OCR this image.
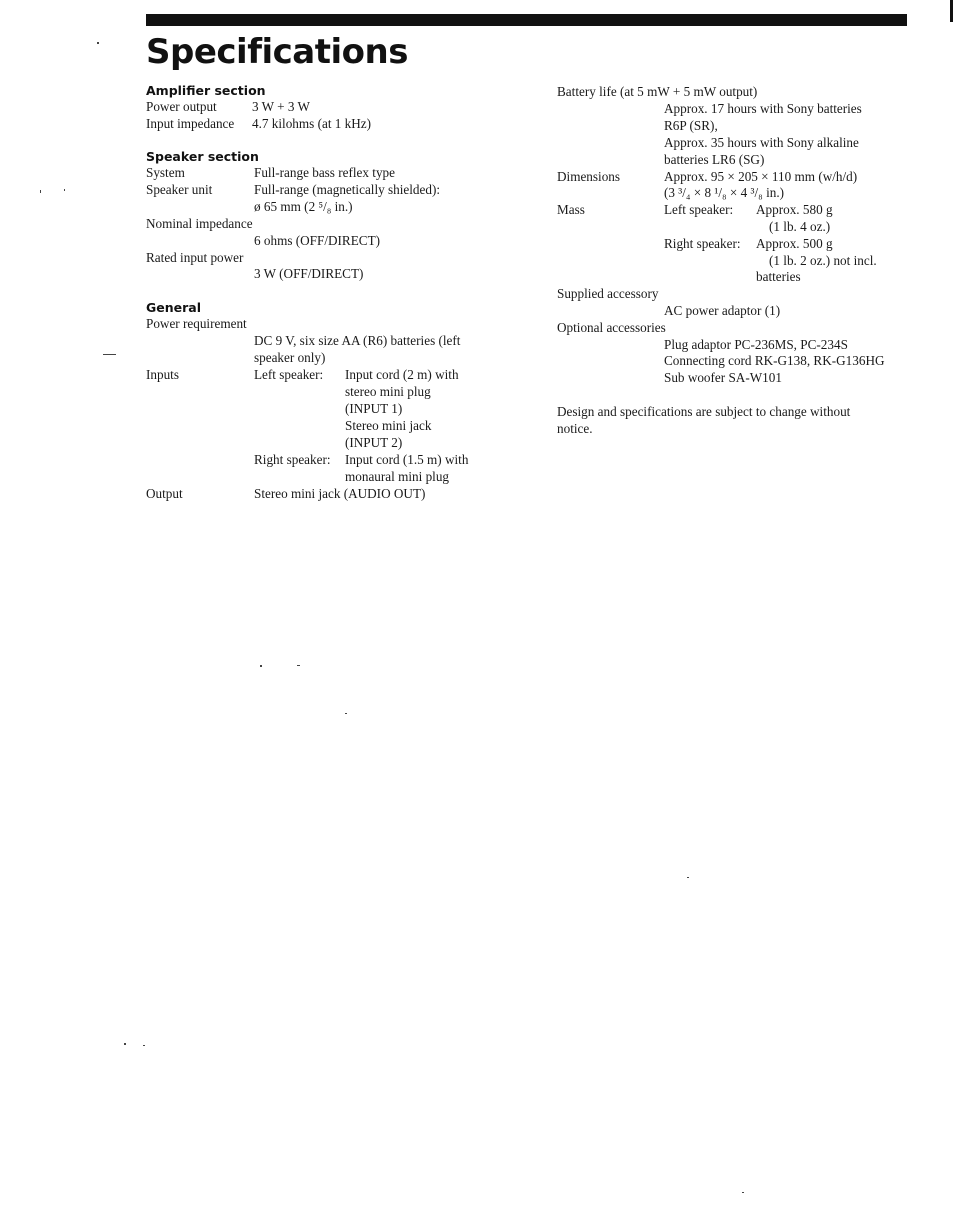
Specifications
Amplifier section
Power output	3 W + 3 W
Input impedance 4.7 kilohms (at 1 kHz)
Speaker section
System	Full-range bass reflex type
Speaker unit	Full-range (magnetically shielded):
ø 65 mm (2 ⁵/₈ in.)
Nominal impedance
6 ohms (OFF/DIRECT)
Rated input power
3 W (OFF/DIRECT)
General
Power requirement
DC 9 V, six size AA (R6) batteries (left
speaker only)
Inputs	Left speaker: Input cord (2 m) with
stereo mini plug
(INPUT 1)
Stereo mini jack
(INPUT 2)
Right speaker: Input cord (1.5 m) with
monaural mini plug
Output	Stereo mini jack (AUDIO OUT)
Battery life (at 5 mW + 5 mW output)
Approx. 17 hours with Sony batteries
R6P (SR),
Approx. 35 hours with Sony alkaline
batteries LR6 (SG)
Dimensions	Approx. 95 × 205 × 110 mm (w/h/d)
(3 ³/₄ × 8 ¹/₈ × 4 ³/₈ in.)
Mass	Left speaker: Approx. 580 g
(1 lb. 4 oz.)
Right speaker: Approx. 500 g
(1 lb. 2 oz.) not incl.
batteries
Supplied accessory
AC power adaptor (1)
Optional accessories
Plug adaptor PC-236MS, PC-234S
Connecting cord RK-G138, RK-G136HG
Sub woofer SA-W101
Design and specifications are subject to change without
notice.
